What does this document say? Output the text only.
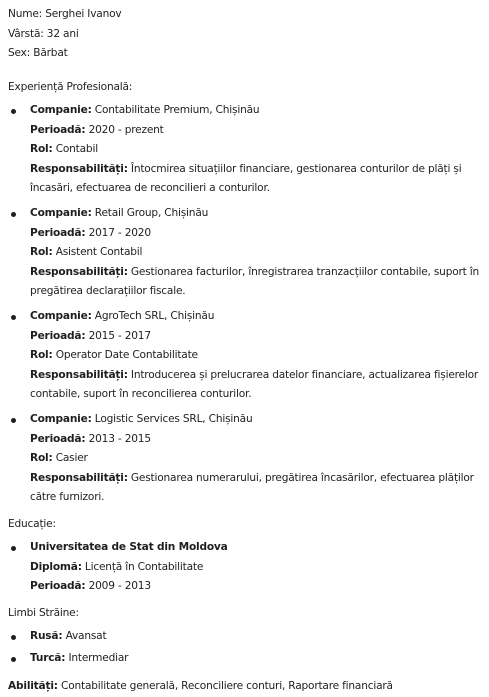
Nume: Serghei Ivanov
Vârstă: 32 ani
Sex: Bărbat
Experiență Profesională:
Companie: Contabilitate Premium, Chișinău
Perioadă: 2020 - prezent
Rol: Contabil
Responsabilități: Întocmirea situațiilor financiare, gestionarea conturilor de plăți și încasări, efectuarea de reconcilieri a conturilor.
Companie: Retail Group, Chișinău
Perioadă: 2017 - 2020
Rol: Asistent Contabil
Responsabilități: Gestionarea facturilor, înregistrarea tranzacțiilor contabile, suport în pregătirea declarațiilor fiscale.
Companie: AgroTech SRL, Chișinău
Perioadă: 2015 - 2017
Rol: Operator Date Contabilitate
Responsabilități: Introducerea și prelucrarea datelor financiare, actualizarea fișierelor contabile, suport în reconcilierea conturilor.
Companie: Logistic Services SRL, Chișinău
Perioadă: 2013 - 2015
Rol: Casier
Responsabilități: Gestionarea numerarului, pregătirea încasărilor, efectuarea plăților către furnizori.
Educație:
Universitatea de Stat din Moldova
Diplomă: Licență în Contabilitate
Perioadă: 2009 - 2013
Limbi Străine:
Rusă: Avansat
Turcă: Intermediar
Abilități: Contabilitate generală, Reconciliere conturi, Raportare financiară
